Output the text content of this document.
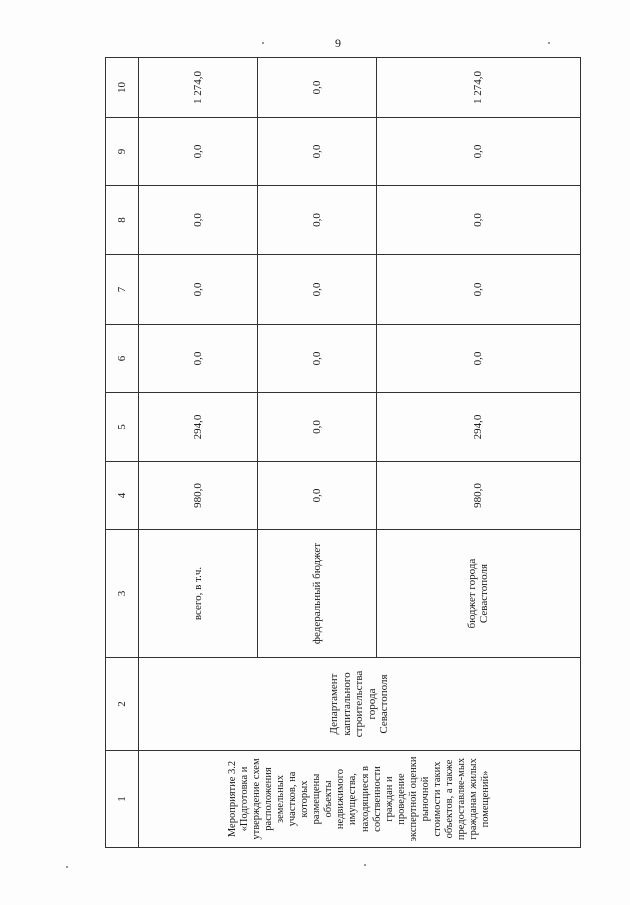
9
1	2	3	4	5	6	7	8	9	10
Мероприятие 3.2 «Подготовка и утверждение схем расположения земельных участков, на которых размещены объекты недвижимого имущества, находящиеся в собственности граждан и проведение экспертной оценки рыночной стоимости таких объектов, а также предоставляе-мых гражданам жилых помещений»	Департамент капитального строительства города Севастополя	всего, в т.ч.	980,0	294,0	0,0	0,0	0,0	0,0	1 274,0
		федеральный бюджет	0,0	0,0	0,0	0,0	0,0	0,0	0,0
		бюджет города Севастополя	980,0	294,0	0,0	0,0	0,0	0,0	1 274,0
